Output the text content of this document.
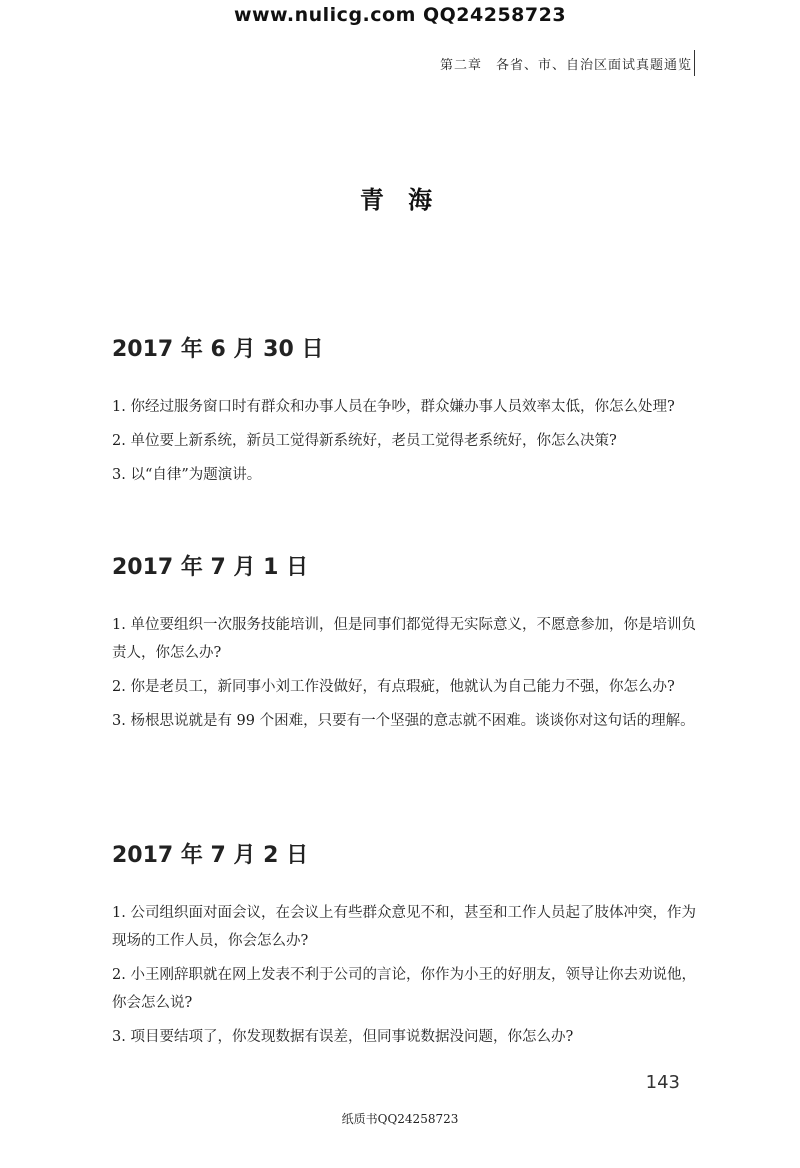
www.nulicg.com QQ24258723
第二章　各省、市、自治区面试真题通览
青 海
2017 年 6 月 30 日

1. 你经过服务窗口时有群众和办事人员在争吵，群众嫌办事人员效率太低，你怎么处理?

2. 单位要上新系统，新员工觉得新系统好，老员工觉得老系统好，你怎么决策?

3. 以“自律”为题演讲。

2017 年 7 月 1 日

1. 单位要组织一次服务技能培训，但是同事们都觉得无实际意义，不愿意参加，你是培训负责人，你怎么办?

2. 你是老员工，新同事小刘工作没做好，有点瑕疵，他就认为自己能力不强，你怎么办?

3. 杨根思说就是有 99 个困难，只要有一个坚强的意志就不困难。谈谈你对这句话的理解。

2017 年 7 月 2 日

1. 公司组织面对面会议，在会议上有些群众意见不和，甚至和工作人员起了肢体冲突，作为现场的工作人员，你会怎么办?

2. 小王刚辞职就在网上发表不利于公司的言论，你作为小王的好朋友，领导让你去劝说他，你会怎么说?

3. 项目要结项了，你发现数据有误差，但同事说数据没问题，你怎么办?

143
纸质书QQ24258723
